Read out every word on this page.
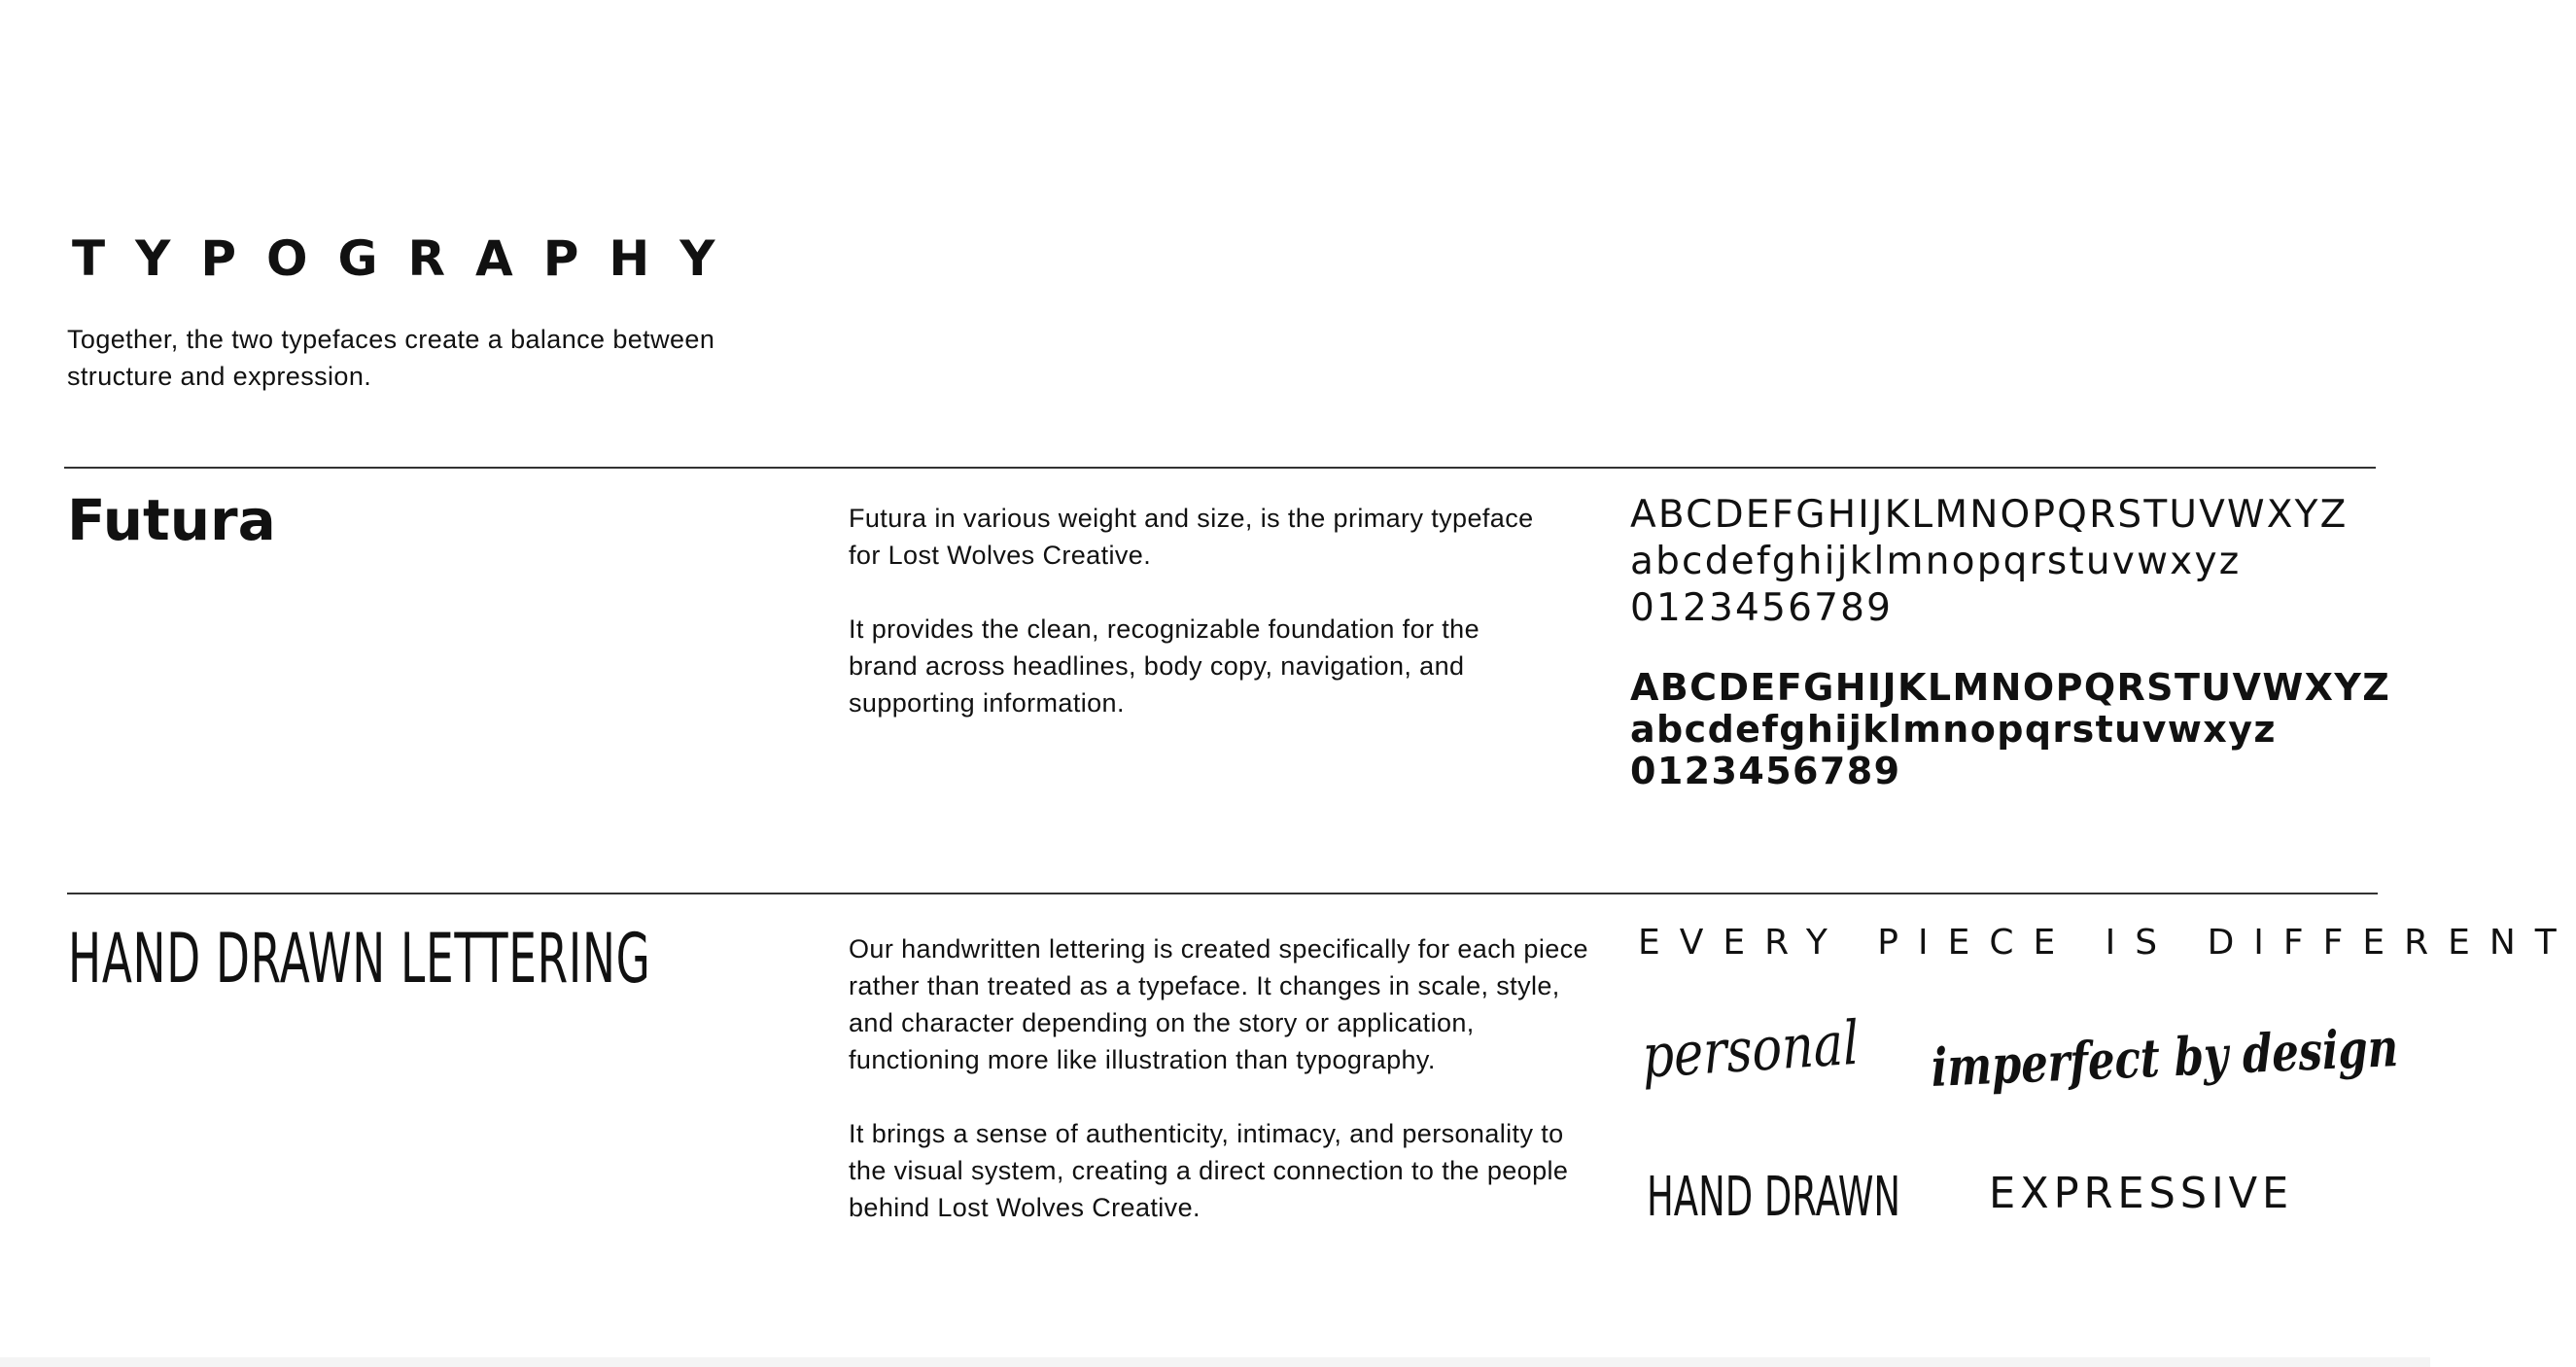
TYPOGRAPHY
Together, the two typefaces create a balance between
structure and expression.
Futura	Futura in various weight and size, is the primary typeface for Lost Wolves Creative.

It provides the clean, recognizable foundation for the brand across headlines, body copy, navigation, and supporting information.

ABCDEFGHIJKLMNOPQRSTUVWXYZ
abcdefghijklmnopqrstuvwxyz
0123456789
ABCDEFGHIJKLMNOPQRSTUVWXYZ
abcdefghijklmnopqrstuvwxyz
0123456789
HAND DRAWN LETTERING	Our handwritten lettering is created specifically for each piece rather than treated as a typeface. It changes in scale, style, and character depending on the story or application, functioning more like illustration than typography.

It brings a sense of authenticity, intimacy, and personality to the visual system, creating a direct connection to the people behind Lost Wolves Creative.

EVERY PIECE IS DIFFERENT
personal imperfect by design
HAND DRAWN EXPRESSIVE
